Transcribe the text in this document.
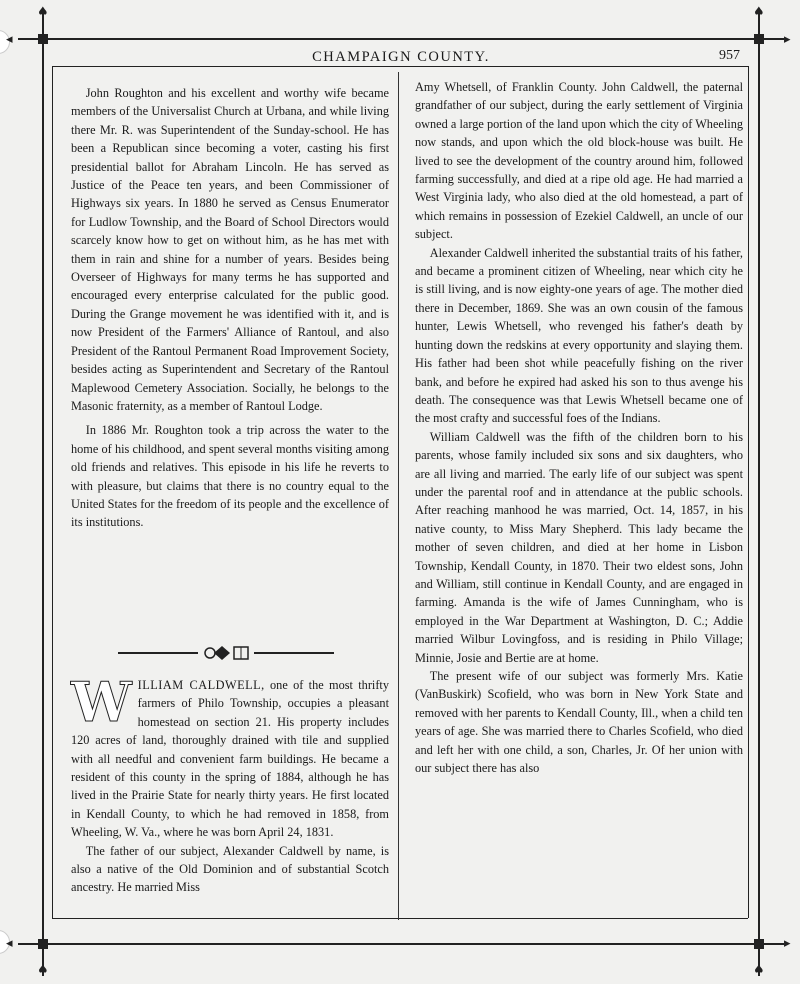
♠	♠
♠	♠
◂	▸
◂	▸
CHAMPAIGN COUNTY.	957

John Roughton and his excellent and worthy wife became members of the Universalist Church at Urbana, and while living there Mr. R. was Superintendent of the Sunday-school. He has been a Republican since becoming a voter, casting his first presidential ballot for Abraham Lincoln. He has served as Justice of the Peace ten years, and been Commissioner of Highways six years. In 1880 he served as Census Enumerator for Ludlow Township, and the Board of School Directors would scarcely know how to get on without him, as he has met with them in rain and shine for a number of years. Besides being Overseer of Highways for many terms he has supported and encouraged every enterprise calculated for the public good. During the Grange movement he was identified with it, and is now President of the Farmers' Alliance of Rantoul, and also President of the Rantoul Permanent Road Improvement Society, besides acting as Superintendent and Secretary of the Rantoul Maplewood Cemetery Association. Socially, he belongs to the Masonic fraternity, as a member of Rantoul Lodge.

In 1886 Mr. Roughton took a trip across the water to the home of his childhood, and spent several months visiting among old friends and relatives. This episode in his life he reverts to with pleasure, but claims that there is no country equal to the United States for the freedom of its people and the excellence of its institutions.

WILLIAM CALDWELL, one of the most thrifty farmers of Philo Township, occupies a pleasant homestead on section 21. His property includes 120 acres of land, thoroughly drained with tile and supplied with all needful and convenient farm buildings. He became a resident of this county in the spring of 1884, although he has lived in the Prairie State for nearly thirty years. He first located in Kendall County, to which he had removed in 1858, from Wheeling, W. Va., where he was born April 24, 1831.

The father of our subject, Alexander Caldwell by name, is also a native of the Old Dominion and of substantial Scotch ancestry. He married Miss

Amy Whetsell, of Franklin County. John Caldwell, the paternal grandfather of our subject, during the early settlement of Virginia owned a large portion of the land upon which the city of Wheeling now stands, and upon which the old block-house was built. He lived to see the development of the country around him, followed farming successfully, and died at a ripe old age. He had married a West Virginia lady, who also died at the old homestead, a part of which remains in possession of Ezekiel Caldwell, an uncle of our subject.

Alexander Caldwell inherited the substantial traits of his father, and became a prominent citizen of Wheeling, near which city he is still living, and is now eighty-one years of age. The mother died there in December, 1869. She was an own cousin of the famous hunter, Lewis Whetsell, who revenged his father's death by hunting down the redskins at every opportunity and slaying them. His father had been shot while peacefully fishing on the river bank, and before he expired had asked his son to thus avenge his death. The consequence was that Lewis Whetsell became one of the most crafty and successful foes of the Indians.

William Caldwell was the fifth of the children born to his parents, whose family included six sons and six daughters, who are all living and married. The early life of our subject was spent under the parental roof and in attendance at the public schools. After reaching manhood he was married, Oct. 14, 1857, in his native county, to Miss Mary Shepherd. This lady became the mother of seven children, and died at her home in Lisbon Township, Kendall County, in 1870. Their two eldest sons, John and William, still continue in Kendall County, and are engaged in farming. Amanda is the wife of James Cunningham, who is employed in the War Department at Washington, D. C.; Addie married Wilbur Lovingfoss, and is residing in Philo Village; Minnie, Josie and Bertie are at home.

The present wife of our subject was formerly Mrs. Katie (VanBuskirk) Scofield, who was born in New York State and removed with her parents to Kendall County, Ill., when a child ten years of age. She was married there to Charles Scofield, who died and left her with one child, a son, Charles, Jr. Of her union with our subject there has also
